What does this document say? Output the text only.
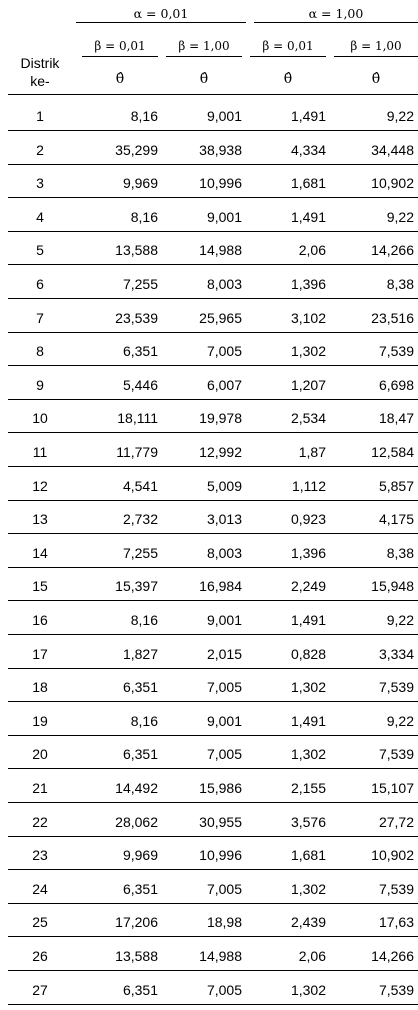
α = 0,01	α = 1,00
β = 0,01	β = 1,00	β = 0,01	β = 1,00
Distrik
ke-	θ̂	θ̂	θ̂	θ̂
1	8,16	9,001	1,491	9,22
2	35,299	38,938	4,334	34,448
3	9,969	10,996	1,681	10,902
4	8,16	9,001	1,491	9,22
5	13,588	14,988	2,06	14,266
6	7,255	8,003	1,396	8,38
7	23,539	25,965	3,102	23,516
8	6,351	7,005	1,302	7,539
9	5,446	6,007	1,207	6,698
10	18,111	19,978	2,534	18,47
11	11,779	12,992	1,87	12,584
12	4,541	5,009	1,112	5,857
13	2,732	3,013	0,923	4,175
14	7,255	8,003	1,396	8,38
15	15,397	16,984	2,249	15,948
16	8,16	9,001	1,491	9,22
17	1,827	2,015	0,828	3,334
18	6,351	7,005	1,302	7,539
19	8,16	9,001	1,491	9,22
20	6,351	7,005	1,302	7,539
21	14,492	15,986	2,155	15,107
22	28,062	30,955	3,576	27,72
23	9,969	10,996	1,681	10,902
24	6,351	7,005	1,302	7,539
25	17,206	18,98	2,439	17,63
26	13,588	14,988	2,06	14,266
27	6,351	7,005	1,302	7,539
